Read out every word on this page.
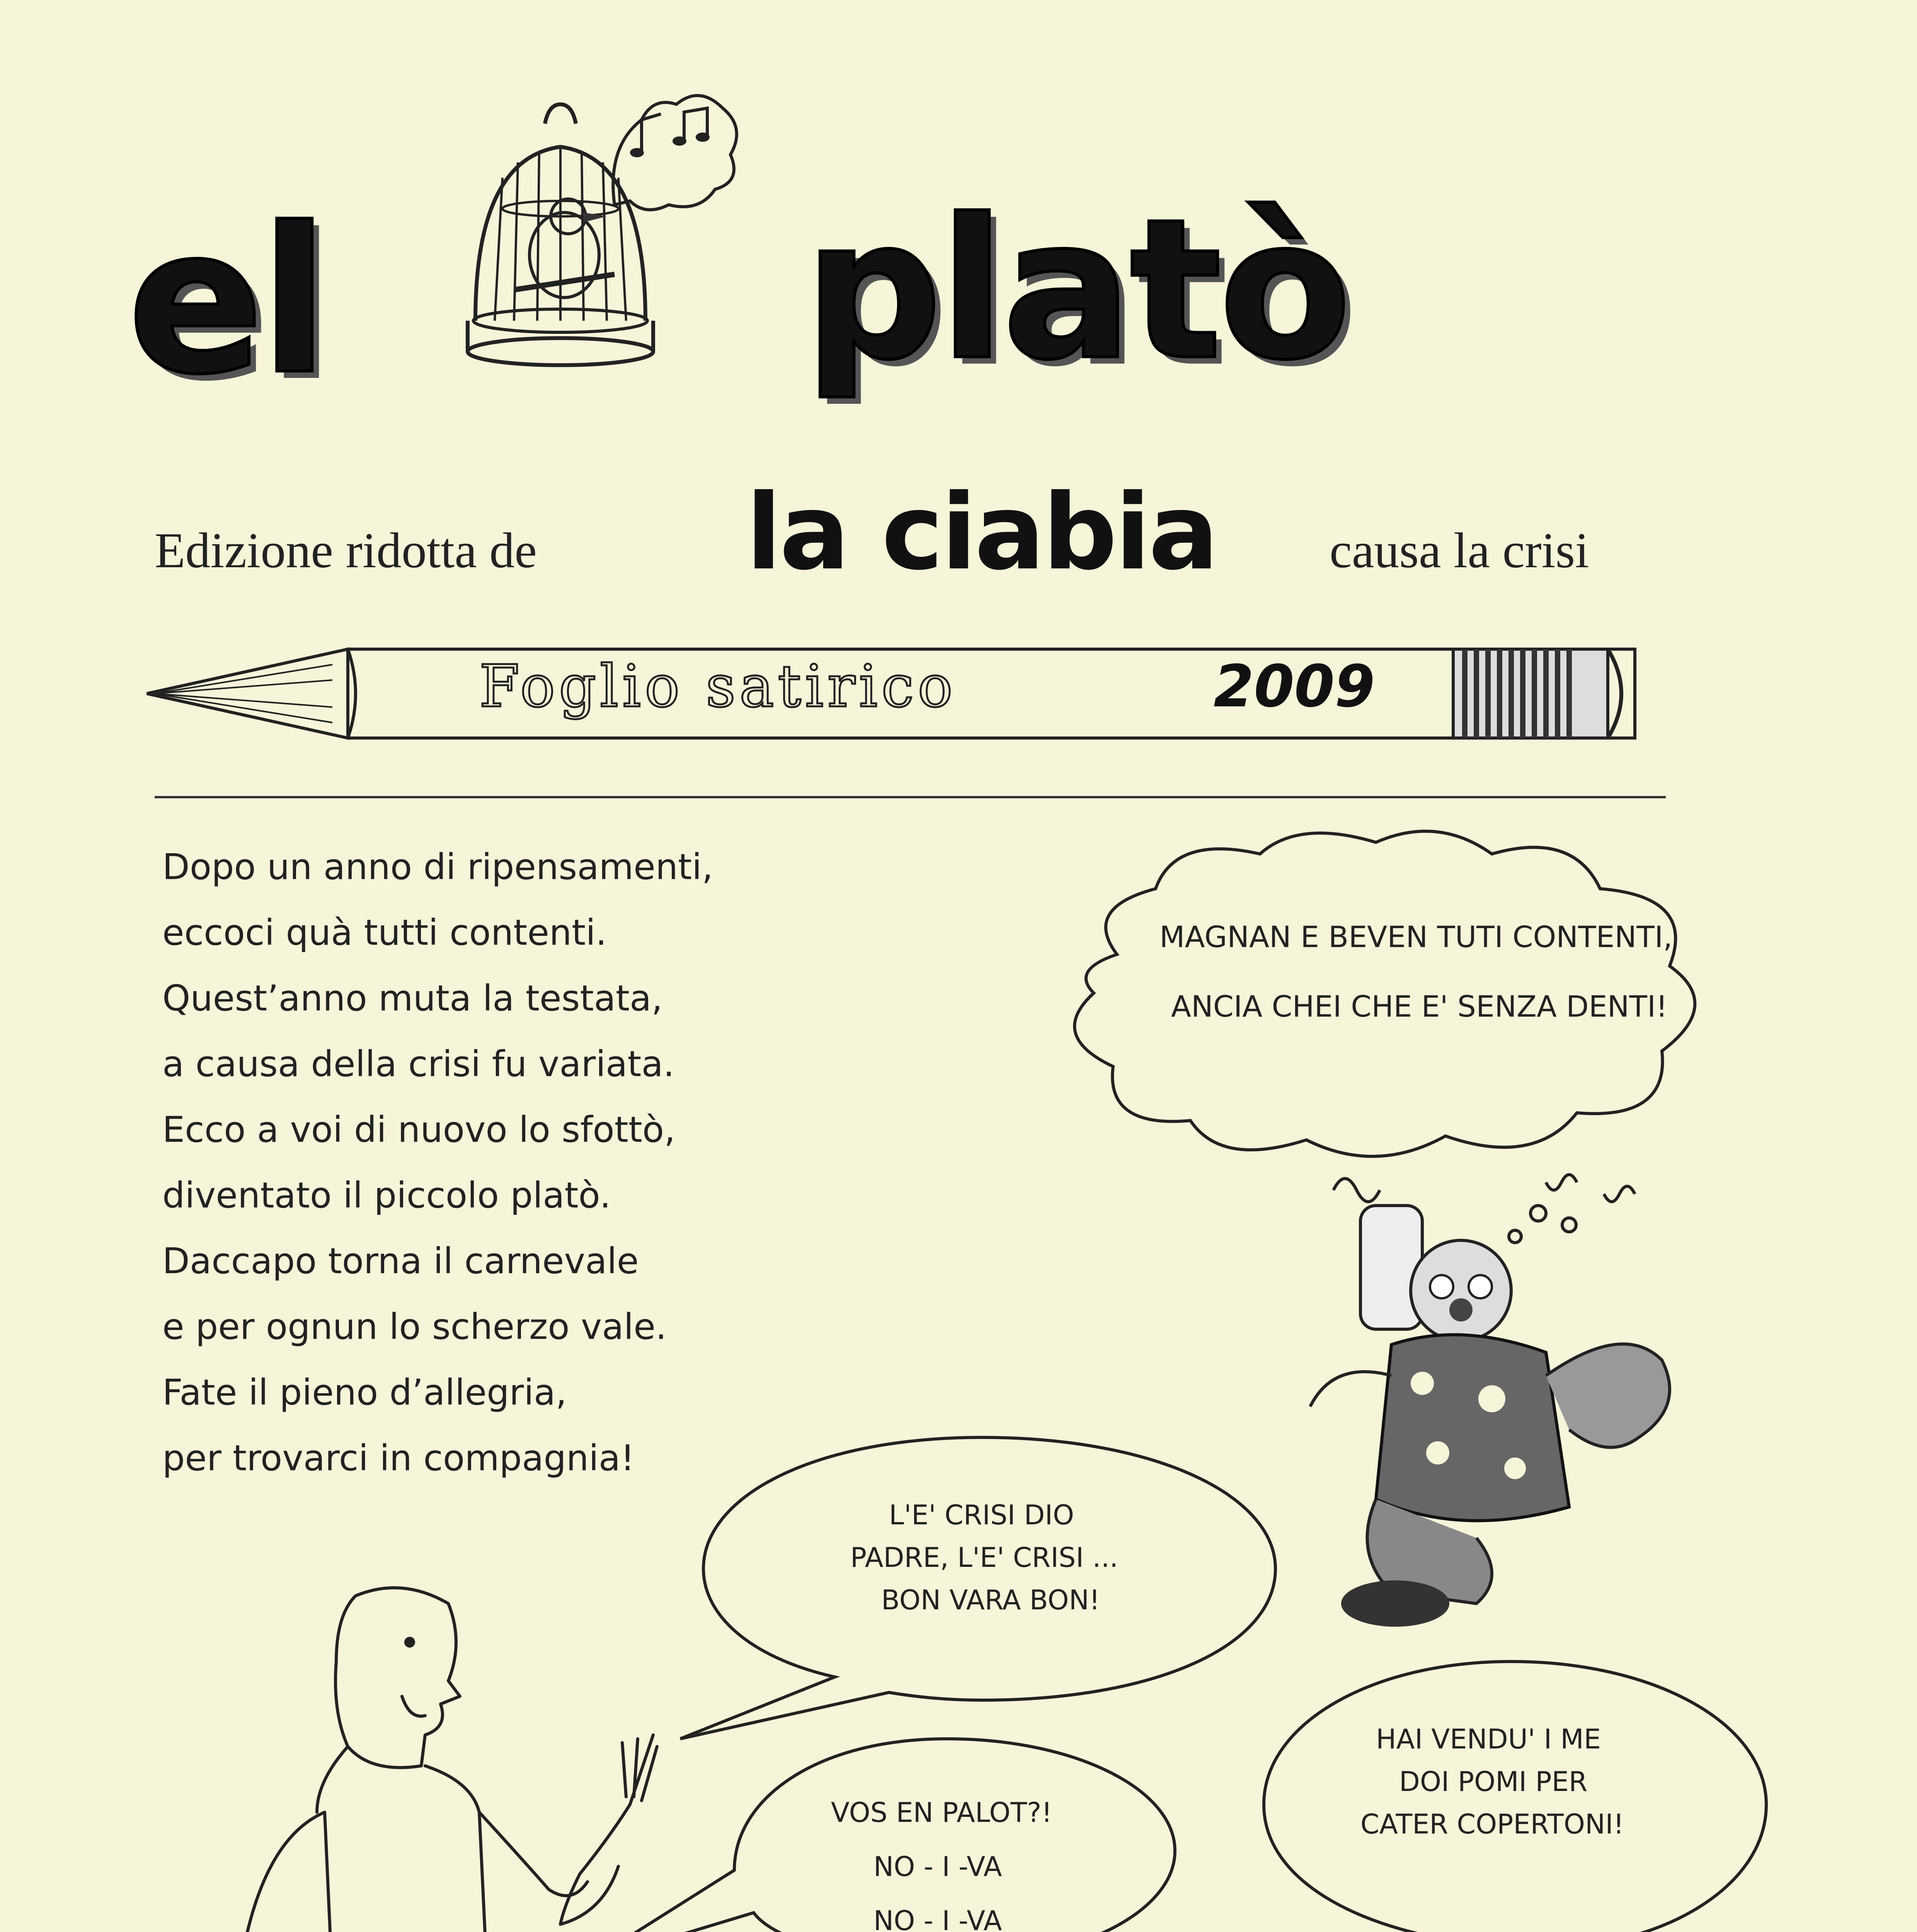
el platò
Edizione ridotta de la ciabia causa la crisi
Foglio satirico	2009
Dopo un anno di ripensamenti,
eccoci quà tutti contenti.
Quest’anno muta la testata,
a causa della crisi fu variata.
Ecco a voi di nuovo lo sfottò,
diventato il piccolo platò.
Daccapo torna il carnevale
e per ognun lo scherzo vale.
Fate il pieno d’allegria,
per trovarci in compagnia!
MAGNAN E BEVEN TUTI CONTENTI,
ANCIA CHEI CHE E' SENZA DENTI!
L'E' CRISI DIO
PADRE, L'E' CRISI ...
BON VARA BON!
VOS EN PALOT?!
NO - I -VA
NO - I -VA
HAI VENDU' I ME
DOI POMI PER
CATER COPERTONI!
